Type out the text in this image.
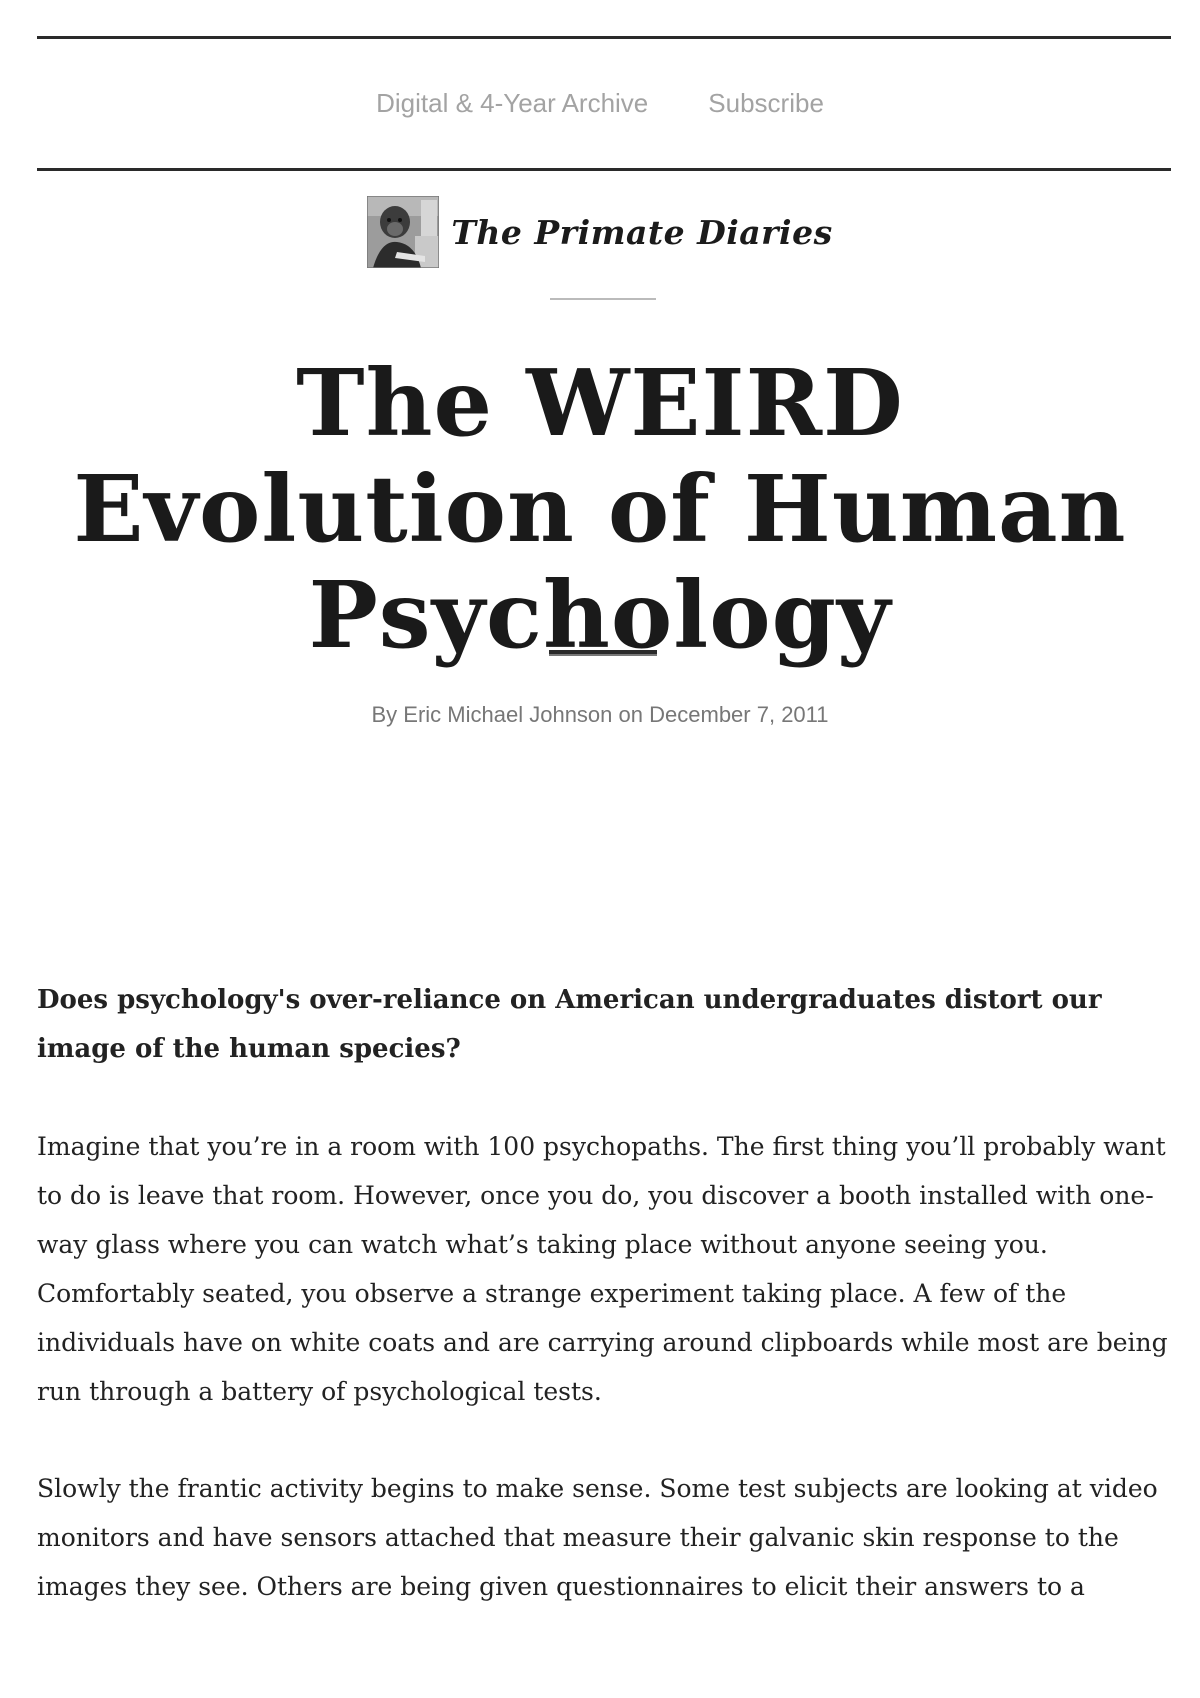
Digital & 4-Year Archive Subscribe
The Primate Diaries
The WEIRD Evolution of Human Psychology
By Eric Michael Johnson on December 7, 2011

Does psychology's over-reliance on American undergraduates distort our image of the human species?

Imagine that you’re in a room with 100 psychopaths. The first thing you’ll probably want to do is leave that room. However, once you do, you discover a booth installed with one-way glass where you can watch what’s taking place without anyone seeing you. Comfortably seated, you observe a strange experiment taking place. A few of the individuals have on white coats and are carrying around clipboards while most are being run through a battery of psychological tests.

Slowly the frantic activity begins to make sense. Some test subjects are looking at video monitors and have sensors attached that measure their galvanic skin response to the images they see. Others are being given questionnaires to elicit their answers to a
